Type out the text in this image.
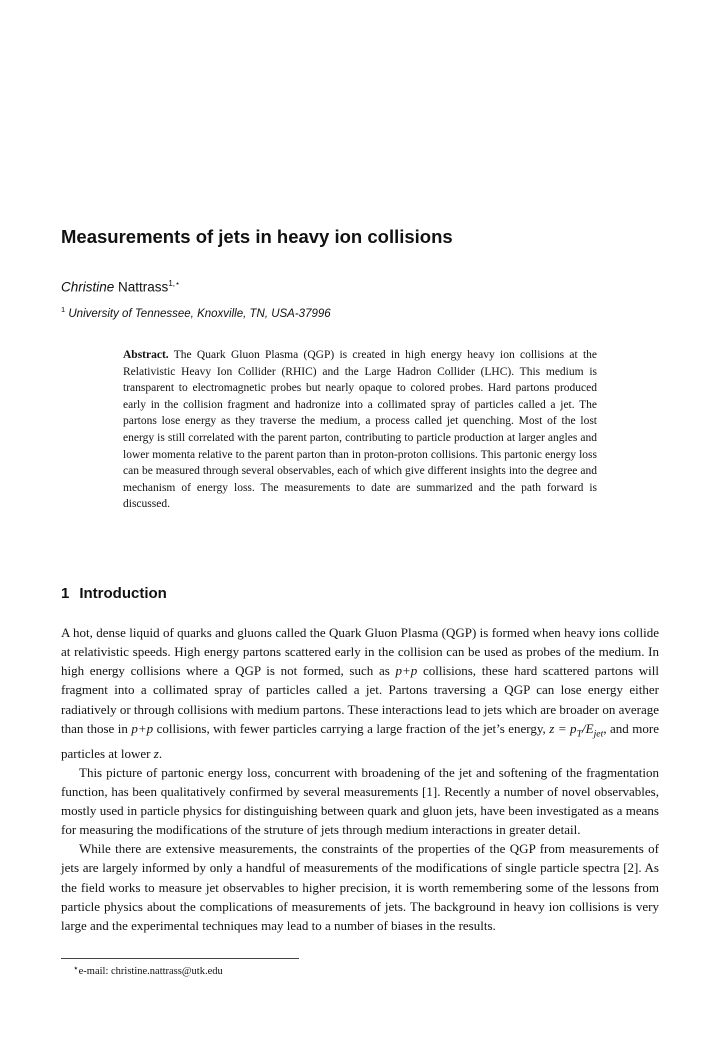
Measurements of jets in heavy ion collisions
Christine Nattrass$^{1,⋆}$
$^1$ University of Tennessee, Knoxville, TN, USA-37996

Abstract. The Quark Gluon Plasma (QGP) is created in high energy heavy ion collisions at the Relativistic Heavy Ion Collider (RHIC) and the Large Hadron Collider (LHC). This medium is transparent to electromagnetic probes but nearly opaque to colored probes. Hard partons produced early in the collision fragment and hadronize into a collimated spray of particles called a jet. The partons lose energy as they traverse the medium, a process called jet quenching. Most of the lost energy is still correlated with the parent parton, contributing to particle production at larger angles and lower momenta relative to the parent parton than in proton-proton collisions. This partonic energy loss can be measured through several observables, each of which give different insights into the degree and mechanism of energy loss. The measurements to date are summarized and the path forward is discussed.

1 Introduction

A hot, dense liquid of quarks and gluons called the Quark Gluon Plasma (QGP) is formed when heavy ions collide at relativistic speeds. High energy partons scattered early in the collision can be used as probes of the medium. In high energy collisions where a QGP is not formed, such as p+p collisions, these hard scattered partons will fragment into a collimated spray of particles called a jet. Partons traversing a QGP can lose energy either radiatively or through collisions with medium partons. These interactions lead to jets which are broader on average than those in p+p collisions, with fewer particles carrying a large fraction of the jet’s energy, $z = p_T/E_{jet}$, and more particles at lower z.

This picture of partonic energy loss, concurrent with broadening of the jet and softening of the fragmentation function, has been qualitatively confirmed by several measurements [1]. Recently a number of novel observables, mostly used in particle physics for distinguishing between quark and gluon jets, have been investigated as a means for measuring the modifications of the struture of jets through medium interactions in greater detail.

While there are extensive measurements, the constraints of the properties of the QGP from measurements of jets are largely informed by only a handful of measurements of the modifications of single particle spectra [2]. As the field works to measure jet observables to higher precision, it is worth remembering some of the lessons from particle physics about the complications of measurements of jets. The background in heavy ion collisions is very large and the experimental techniques may lead to a number of biases in the results.

⋆e-mail: christine.nattrass@utk.edu
